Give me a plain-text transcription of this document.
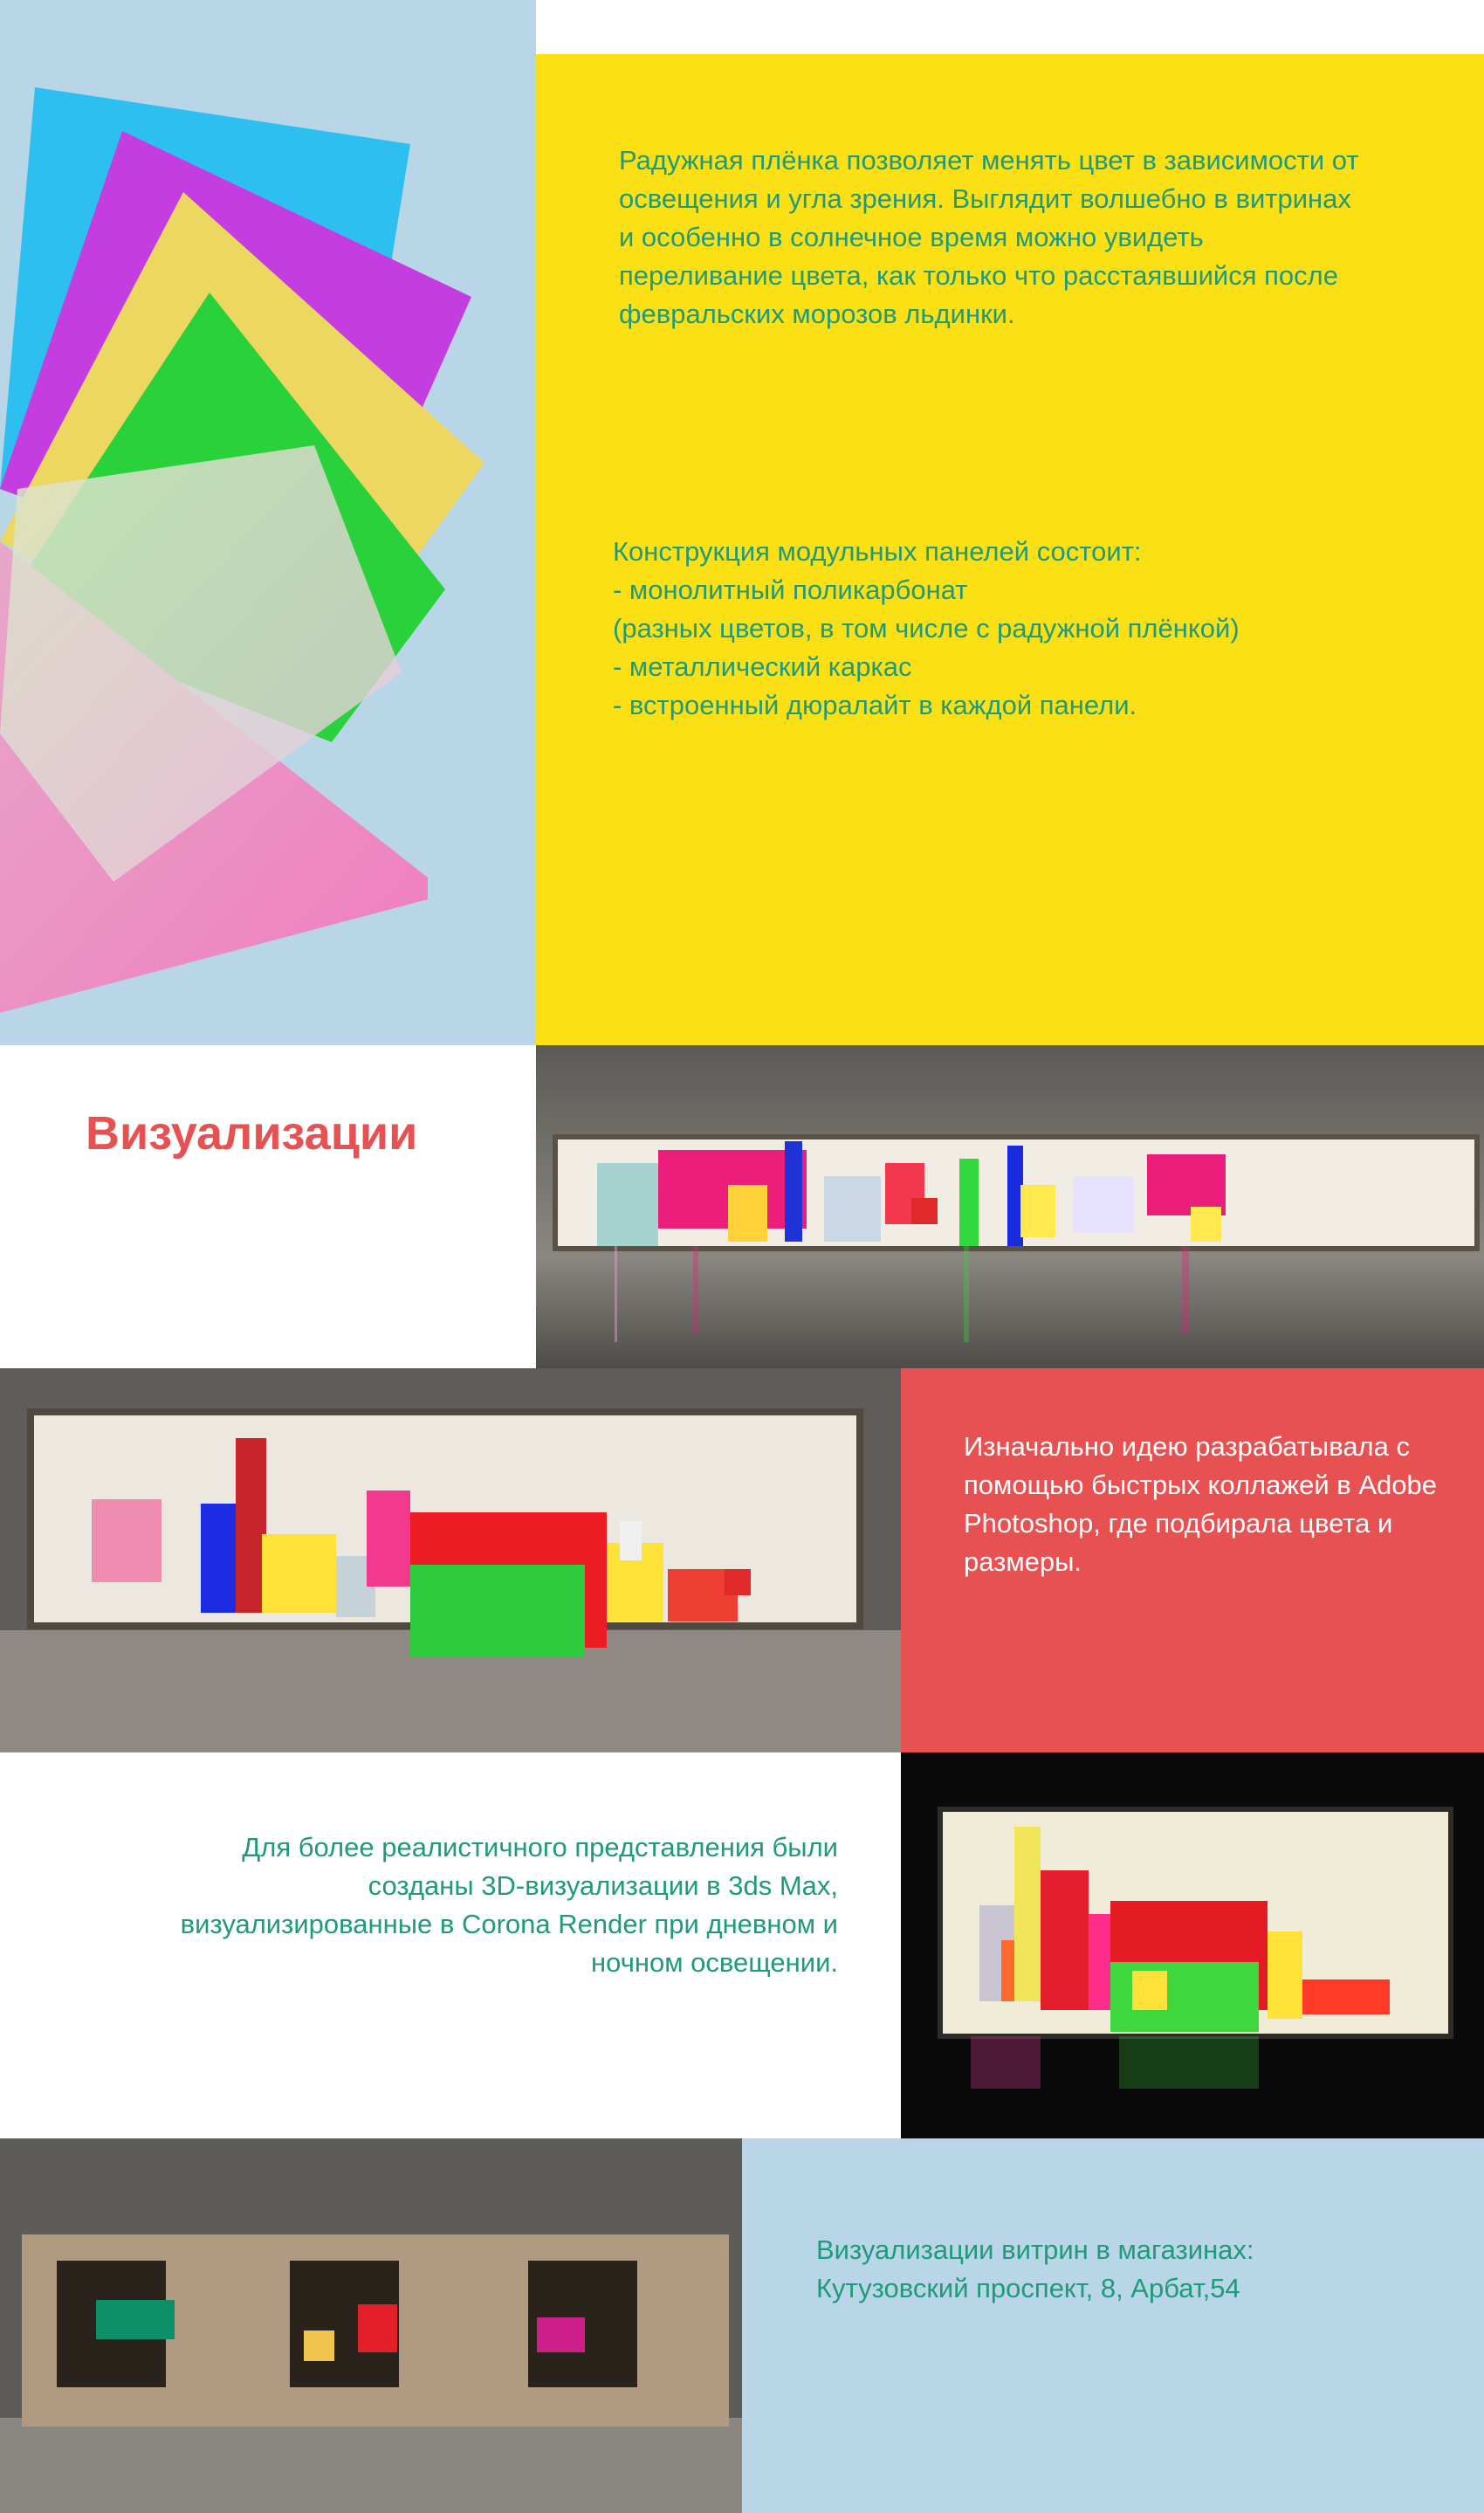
Радужная плёнка позволяет менять цвет в зависимости от освещения и угла зрения. Выглядит волшебно в витринах и особенно в солнечное время можно увидеть переливание цвета, как только что расстаявшийся после февральских морозов льдинки.

Конструкция модульных панелей состоит:

- монолитный поликарбонат

(разных цветов, в том числе с радужной плёнкой)

- металлический каркас

- встроенный дюралайт в каждой панели.

Визуализации

Изначально идею разрабатывала с помощью быстрых коллажей в Adobe Photoshop, где подбирала цвета и размеры.

Для более реалистичного представления были созданы 3D-визуализации в 3ds Max, визуализированные в Corona Render при дневном и ночном освещении.

Визуализации витрин в магазинах: Кутузовский проспект, 8, Арбат,54
